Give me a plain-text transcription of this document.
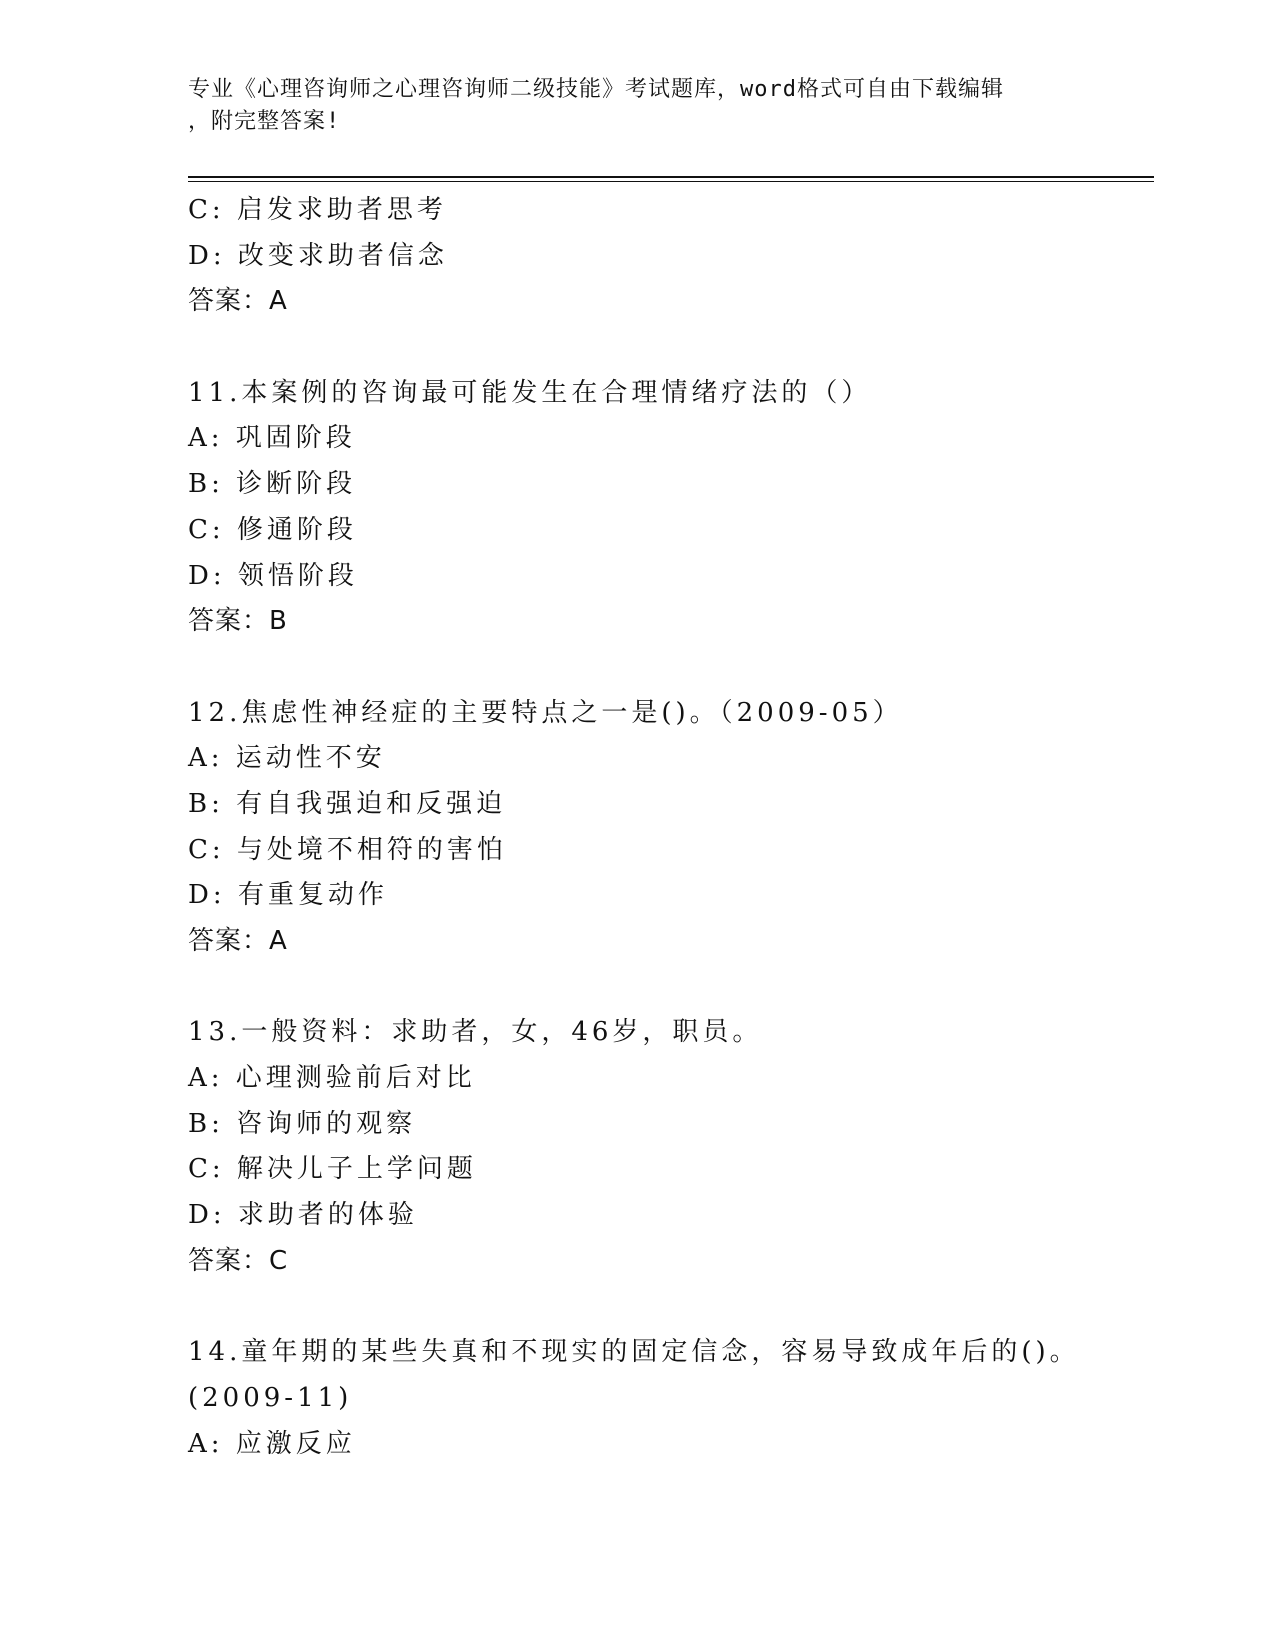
专业《心理咨询师之心理咨询师二级技能》考试题库，word格式可自由下载编辑
，附完整答案!
C: 启发求助者思考
D: 改变求助者信念
答案：A
11.本案例的咨询最可能发生在合理情绪疗法的（）
A: 巩固阶段
B: 诊断阶段
C: 修通阶段
D: 领悟阶段
答案：B
12.焦虑性神经症的主要特点之一是()。（2009-05）
A: 运动性不安
B: 有自我强迫和反强迫
C: 与处境不相符的害怕
D: 有重复动作
答案：A
13.一般资料：求助者，女，46岁，职员。
A: 心理测验前后对比
B: 咨询师的观察
C: 解决儿子上学问题
D: 求助者的体验
答案：C
14.童年期的某些失真和不现实的固定信念，容易导致成年后的()。
(2009-11)
A: 应激反应
